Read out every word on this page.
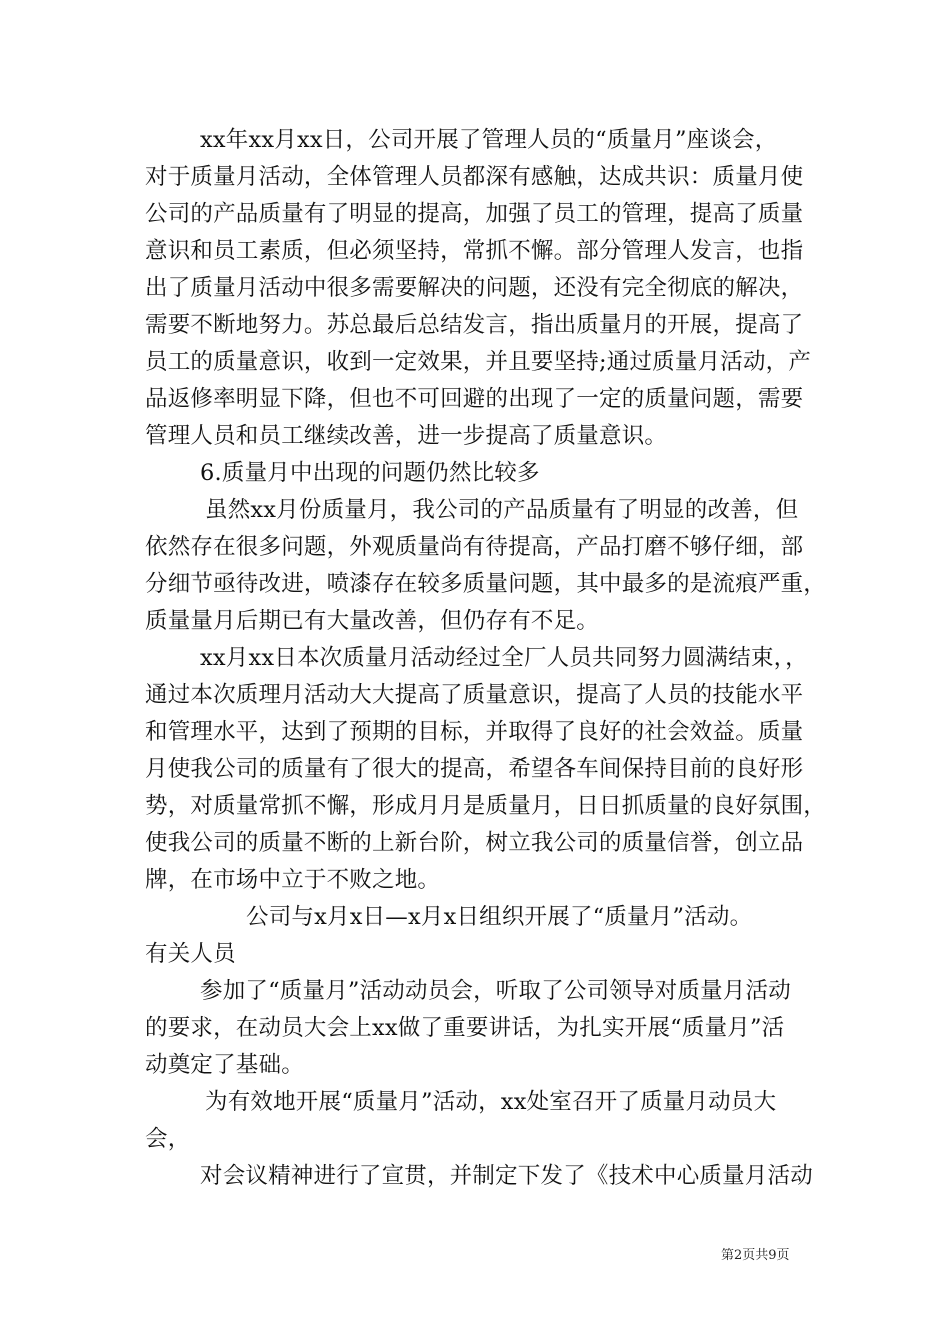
xx年xx月xx日，公司开展了管理人员的“质量月”座谈会，
对于质量月活动，全体管理人员都深有感触，达成共识：质量月使
公司的产品质量有了明显的提高，加强了员工的管理，提高了质量
意识和员工素质，但必须坚持，常抓不懈。部分管理人发言，也指
出了质量月活动中很多需要解决的问题，还没有完全彻底的解决，
需要不断地努力。苏总最后总结发言，指出质量月的开展，提高了
员工的质量意识，收到一定效果，并且要坚持;通过质量月活动，产
品返修率明显下降，但也不可回避的出现了一定的质量问题，需要
管理人员和员工继续改善，进一步提高了质量意识。
6.质量月中出现的问题仍然比较多
虽然xx月份质量月，我公司的产品质量有了明显的改善，但
依然存在很多问题，外观质量尚有待提高，产品打磨不够仔细，部
分细节亟待改进，喷漆存在较多质量问题，其中最多的是流痕严重，
质量量月后期已有大量改善，但仍存有不足。
xx月xx日本次质量月活动经过全厂人员共同努力圆满结束，，
通过本次质理月活动大大提高了质量意识，提高了人员的技能水平
和管理水平，达到了预期的目标，并取得了良好的社会效益。质量
月使我公司的质量有了很大的提高，希望各车间保持目前的良好形
势，对质量常抓不懈，形成月月是质量月，日日抓质量的良好氛围，
使我公司的质量不断的上新台阶，树立我公司的质量信誉，创立品
牌，在市场中立于不败之地。
公司与x月x日—x月x日组织开展了“质量月”活动。
有关人员
参加了“质量月”活动动员会，听取了公司领导对质量月活动
的要求，在动员大会上xx做了重要讲话，为扎实开展“质量月”活
动奠定了基础。
为有效地开展“质量月”活动，xx处室召开了质量月动员大
会，
对会议精神进行了宣贯，并制定下发了《技术中心质量月活动
第2页共9页
